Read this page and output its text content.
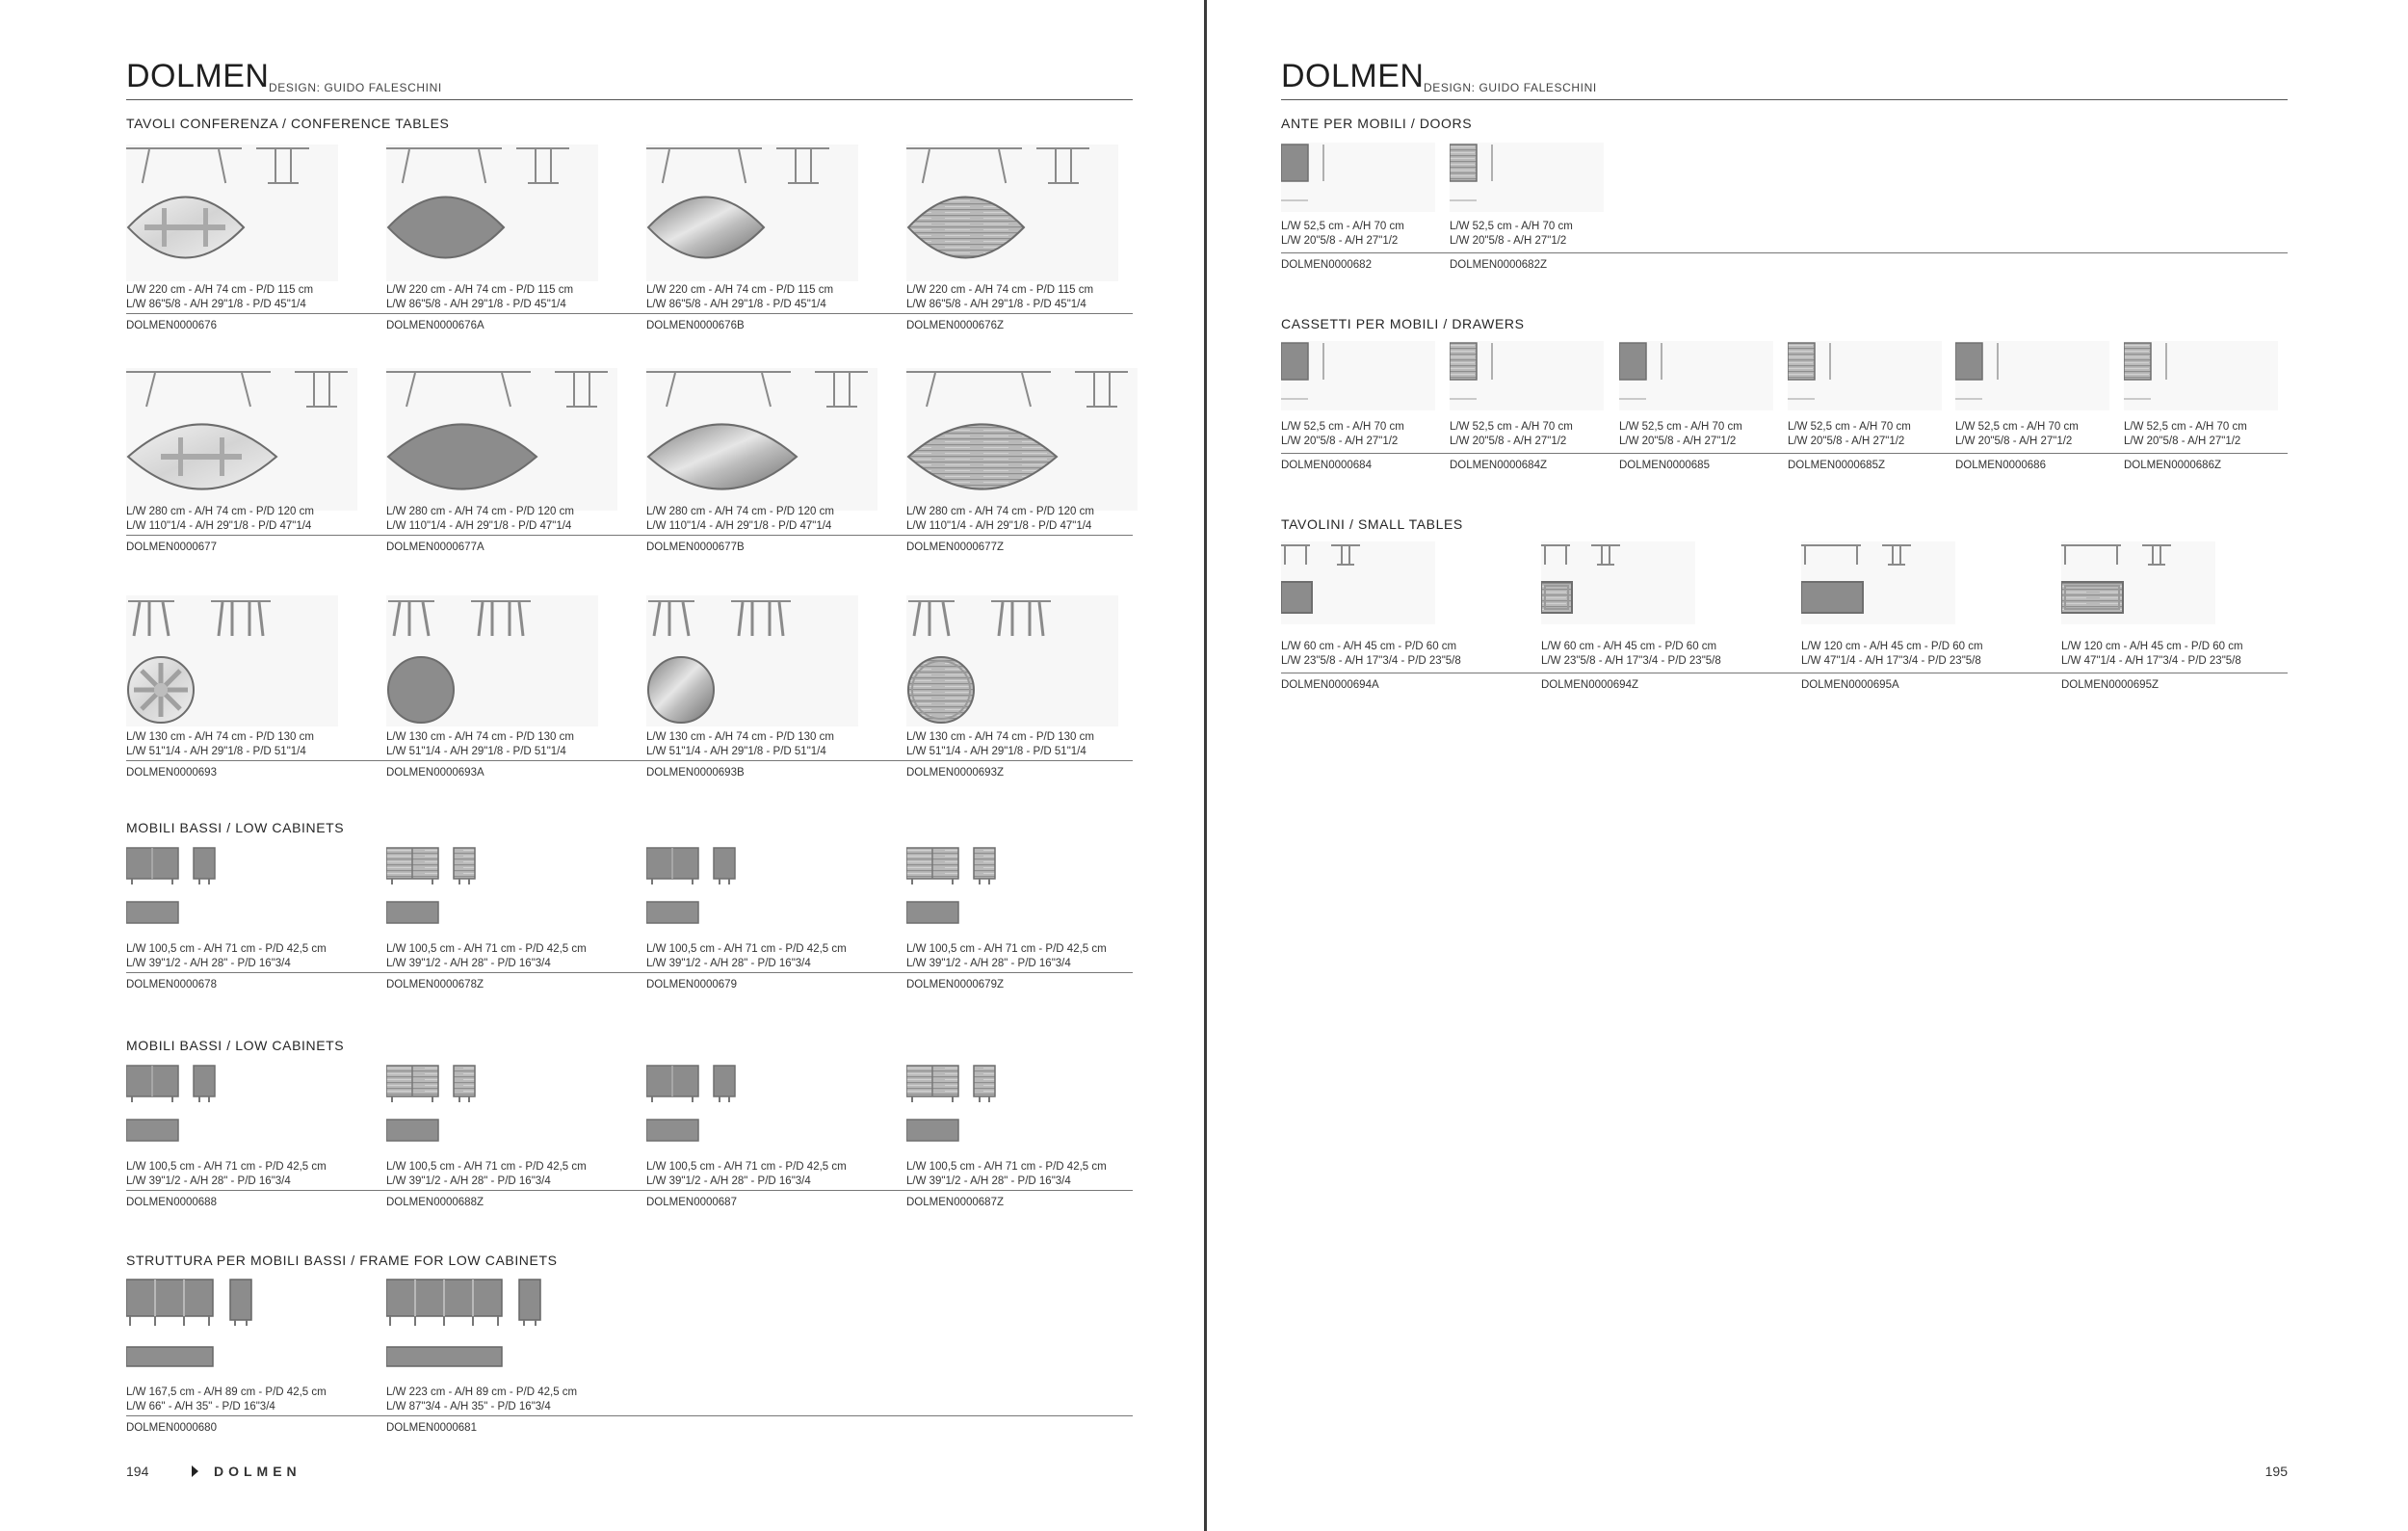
DOLMEN DESIGN: GUIDO FALESCHINI
TAVOLI CONFERENZA / CONFERENCE TABLES
L/W 220 cm - A/H 74 cm - P/D 115 cm
L/W 86"5/8 - A/H 29"1/8 - P/D 45"1/4
DOLMEN0000676
L/W 220 cm - A/H 74 cm - P/D 115 cm
L/W 86"5/8 - A/H 29"1/8 - P/D 45"1/4
DOLMEN0000676A
L/W 220 cm - A/H 74 cm - P/D 115 cm
L/W 86"5/8 - A/H 29"1/8 - P/D 45"1/4
DOLMEN0000676B
L/W 220 cm - A/H 74 cm - P/D 115 cm
L/W 86"5/8 - A/H 29"1/8 - P/D 45"1/4
DOLMEN0000676Z
L/W 280 cm - A/H 74 cm - P/D 120 cm
L/W 110"1/4 - A/H 29"1/8 - P/D 47"1/4
DOLMEN0000677
L/W 280 cm - A/H 74 cm - P/D 120 cm
L/W 110"1/4 - A/H 29"1/8 - P/D 47"1/4
DOLMEN0000677A
L/W 280 cm - A/H 74 cm - P/D 120 cm
L/W 110"1/4 - A/H 29"1/8 - P/D 47"1/4
DOLMEN0000677B
L/W 280 cm - A/H 74 cm - P/D 120 cm
L/W 110"1/4 - A/H 29"1/8 - P/D 47"1/4
DOLMEN0000677Z
L/W 130 cm - A/H 74 cm - P/D 130 cm
L/W 51"1/4 - A/H 29"1/8 - P/D 51"1/4
DOLMEN0000693
L/W 130 cm - A/H 74 cm - P/D 130 cm
L/W 51"1/4 - A/H 29"1/8 - P/D 51"1/4
DOLMEN0000693A
L/W 130 cm - A/H 74 cm - P/D 130 cm
L/W 51"1/4 - A/H 29"1/8 - P/D 51"1/4
DOLMEN0000693B
L/W 130 cm - A/H 74 cm - P/D 130 cm
L/W 51"1/4 - A/H 29"1/8 - P/D 51"1/4
DOLMEN0000693Z
MOBILI BASSI / LOW CABINETS
L/W 100,5 cm - A/H 71 cm - P/D 42,5 cm
L/W 39"1/2 - A/H 28" - P/D 16"3/4
DOLMEN0000678
L/W 100,5 cm - A/H 71 cm - P/D 42,5 cm
L/W 39"1/2 - A/H 28" - P/D 16"3/4
DOLMEN0000678Z
L/W 100,5 cm - A/H 71 cm - P/D 42,5 cm
L/W 39"1/2 - A/H 28" - P/D 16"3/4
DOLMEN0000679
L/W 100,5 cm - A/H 71 cm - P/D 42,5 cm
L/W 39"1/2 - A/H 28" - P/D 16"3/4
DOLMEN0000679Z
MOBILI BASSI / LOW CABINETS
L/W 100,5 cm - A/H 71 cm - P/D 42,5 cm
L/W 39"1/2 - A/H 28" - P/D 16"3/4
DOLMEN0000688
L/W 100,5 cm - A/H 71 cm - P/D 42,5 cm
L/W 39"1/2 - A/H 28" - P/D 16"3/4
DOLMEN0000688Z
L/W 100,5 cm - A/H 71 cm - P/D 42,5 cm
L/W 39"1/2 - A/H 28" - P/D 16"3/4
DOLMEN0000687
L/W 100,5 cm - A/H 71 cm - P/D 42,5 cm
L/W 39"1/2 - A/H 28" - P/D 16"3/4
DOLMEN0000687Z
STRUTTURA PER MOBILI BASSI / FRAME FOR LOW CABINETS
L/W 167,5 cm - A/H 89 cm - P/D 42,5 cm
L/W 66" - A/H 35" - P/D 16"3/4
DOLMEN0000680
L/W 223 cm - A/H 89 cm - P/D 42,5 cm
L/W 87"3/4 - A/H 35" - P/D 16"3/4
DOLMEN0000681
194	DOLMEN
DOLMEN DESIGN: GUIDO FALESCHINI
ANTE PER MOBILI / DOORS
L/W 52,5 cm - A/H 70 cm
L/W 20"5/8 - A/H 27"1/2
DOLMEN0000682
L/W 52,5 cm - A/H 70 cm
L/W 20"5/8 - A/H 27"1/2
DOLMEN0000682Z
CASSETTI PER MOBILI / DRAWERS
L/W 52,5 cm - A/H 70 cm
L/W 20"5/8 - A/H 27"1/2
DOLMEN0000684
L/W 52,5 cm - A/H 70 cm
L/W 20"5/8 - A/H 27"1/2
DOLMEN0000684Z
L/W 52,5 cm - A/H 70 cm
L/W 20"5/8 - A/H 27"1/2
DOLMEN0000685
L/W 52,5 cm - A/H 70 cm
L/W 20"5/8 - A/H 27"1/2
DOLMEN0000685Z
L/W 52,5 cm - A/H 70 cm
L/W 20"5/8 - A/H 27"1/2
DOLMEN0000686
L/W 52,5 cm - A/H 70 cm
L/W 20"5/8 - A/H 27"1/2
DOLMEN0000686Z
TAVOLINI / SMALL TABLES
L/W 60 cm - A/H 45 cm - P/D 60 cm
L/W 23"5/8 - A/H 17"3/4 - P/D 23"5/8
DOLMEN0000694A
L/W 60 cm - A/H 45 cm - P/D 60 cm
L/W 23"5/8 - A/H 17"3/4 - P/D 23"5/8
DOLMEN0000694Z
L/W 120 cm - A/H 45 cm - P/D 60 cm
L/W 47"1/4 - A/H 17"3/4 - P/D 23"5/8
DOLMEN0000695A
L/W 120 cm - A/H 45 cm - P/D 60 cm
L/W 47"1/4 - A/H 17"3/4 - P/D 23"5/8
DOLMEN0000695Z
195
